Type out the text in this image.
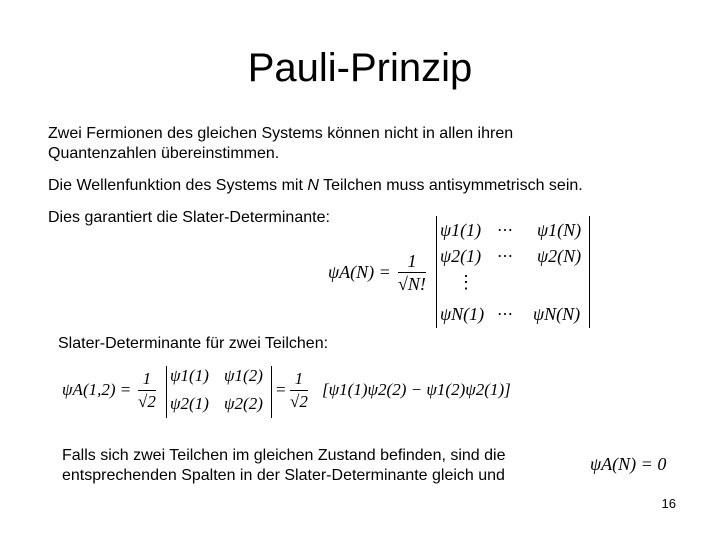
Pauli-Prinzip
Zwei Fermionen des gleichen Systems können nicht in allen ihren
Quantenzahlen übereinstimmen.
Die Wellenfunktion des Systems mit N Teilchen muss antisymmetrisch sein.
Dies garantiert die Slater-Determinante:
$\psi A(N) = \frac{1}{√N!}$
ψ1(1) ⋯ ψ1(N)
ψ2(1) ⋯ ψ2(N)
⋮
ψN(1) ⋯ ψN(N)
Slater-Determinante für zwei Teilchen:
$\psi A(1,2) = \frac{1}{√2} \psi 1(1)$ ψ1(2)
ψ2(1) ψ2(2)
= $\frac{1}{√2} [\psi 1(1)\psi 2(2) - \psi 1(2)\psi 2(1)]$
Falls sich zwei Teilchen im gleichen Zustand befinden, sind die
entsprechenden Spalten in der Slater-Determinante gleich und
ψA(N) = 0
16
